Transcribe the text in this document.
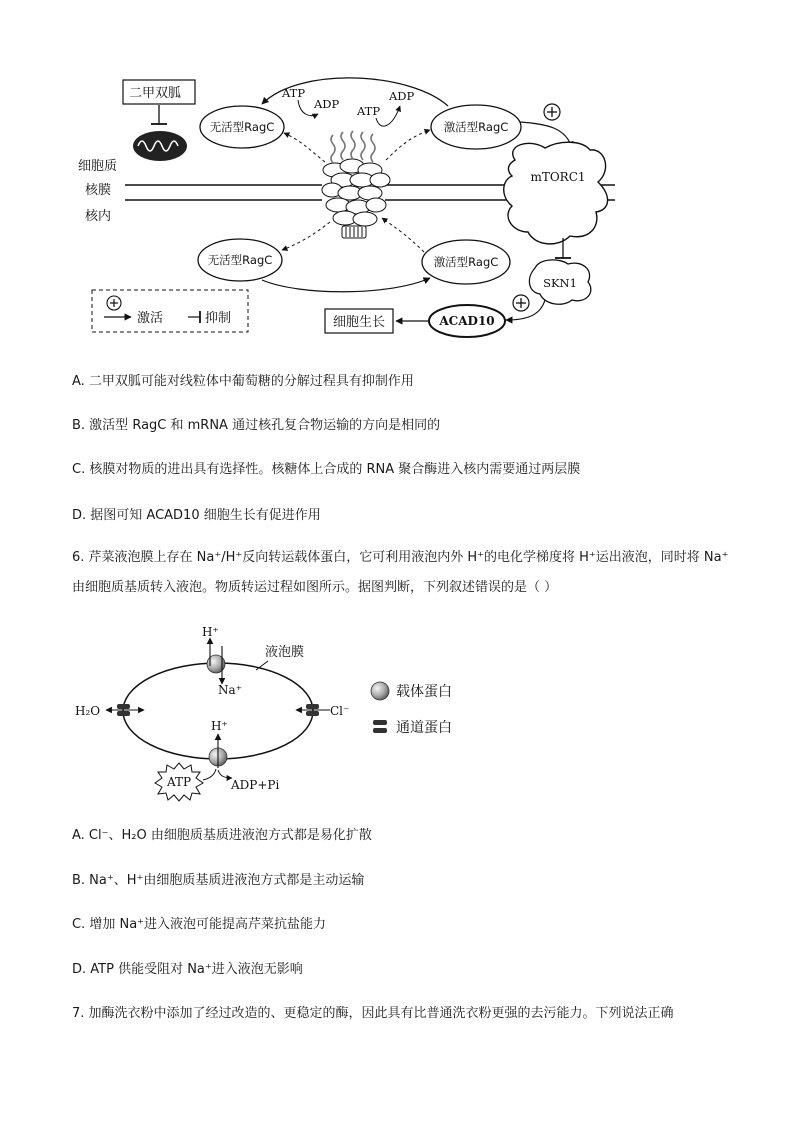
细胞质
核膜
核内
二甲双胍
无活型RagC	激活型RagC
无活型RagC	激活型RagC
ATP
ADP ATP
ADP
mTORC1
SKN1
ACAD10
细胞生长
激活	抑制
A. 二甲双胍可能对线粒体中葡萄糖的分解过程具有抑制作用
B. 激活型 RagC 和 mRNA 通过核孔复合物运输的方向是相同的
C. 核膜对物质的进出具有选择性。核糖体上合成的 RNA 聚合酶进入核内需要通过两层膜
D. 据图可知 ACAD10 细胞生长有促进作用
6. 芹菜液泡膜上存在 Na⁺/H⁺反向转运载体蛋白，它可利用液泡内外 H⁺的电化学梯度将 H⁺运出液泡，同时将 Na⁺由细胞质基质转入液泡。物质转运过程如图所示。据图判断，下列叙述错误的是（ ）
液泡膜
H⁺
Na⁺
H₂O	Cl⁻
H⁺
ATP	ADP+Pi
载体蛋白
通道蛋白
A. Cl⁻、H₂O 由细胞质基质进液泡方式都是易化扩散
B. Na⁺、H⁺由细胞质基质进液泡方式都是主动运输
C. 增加 Na⁺进入液泡可能提高芹菜抗盐能力
D. ATP 供能受阻对 Na⁺进入液泡无影响
7. 加酶洗衣粉中添加了经过改造的、更稳定的酶，因此具有比普通洗衣粉更强的去污能力。下列说法正确
